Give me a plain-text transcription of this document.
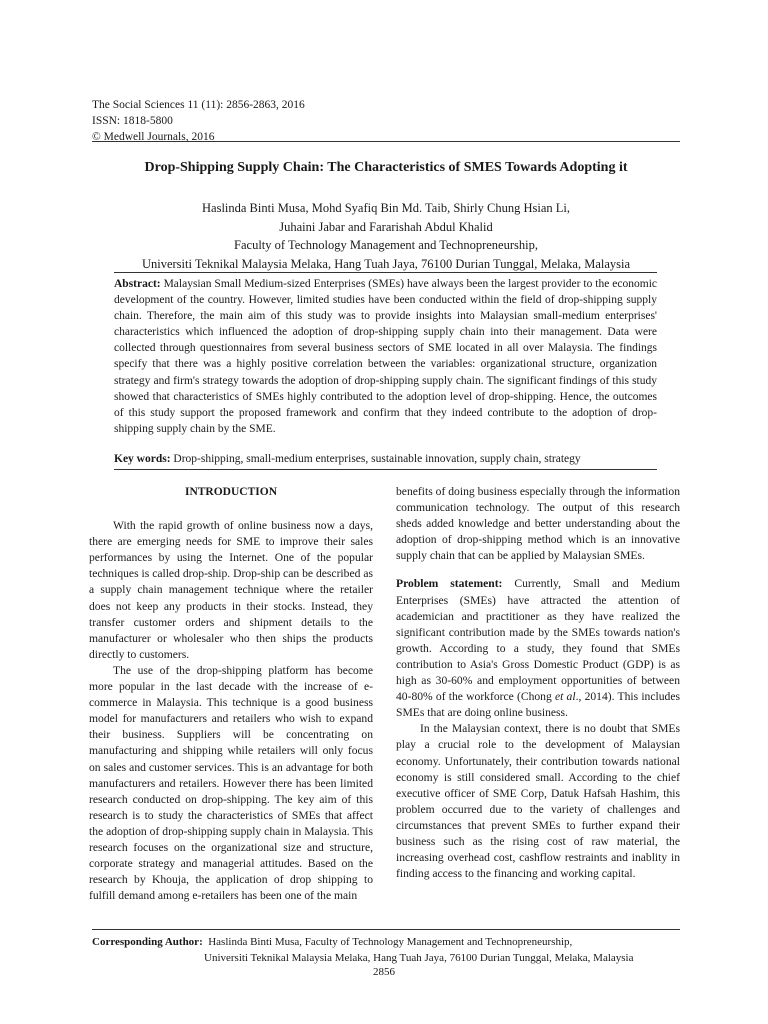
The Social Sciences 11 (11): 2856-2863, 2016
ISSN: 1818-5800
© Medwell Journals, 2016
Drop-Shipping Supply Chain: The Characteristics of SMES Towards Adopting it
Haslinda Binti Musa, Mohd Syafiq Bin Md. Taib, Shirly Chung Hsian Li,
Juhaini Jabar and Fararishah Abdul Khalid
Faculty of Technology Management and Technopreneurship,
Universiti Teknikal Malaysia Melaka, Hang Tuah Jaya, 76100 Durian Tunggal, Melaka, Malaysia
Abstract: Malaysian Small Medium-sized Enterprises (SMEs) have always been the largest provider to the economic development of the country. However, limited studies have been conducted within the field of drop-shipping supply chain. Therefore, the main aim of this study was to provide insights into Malaysian small-medium enterprises' characteristics which influenced the adoption of drop-shipping supply chain into their management. Data were collected through questionnaires from several business sectors of SME located in all over Malaysia. The findings specify that there was a highly positive correlation between the variables: organizational structure, organization strategy and firm's strategy towards the adoption of drop-shipping supply chain. The significant findings of this study showed that characteristics of SMEs highly contributed to the adoption level of drop-shipping. Hence, the outcomes of this study support the proposed framework and confirm that they indeed contribute to the adoption of drop-shipping supply chain by the SME.
Key words: Drop-shipping, small-medium enterprises, sustainable innovation, supply chain, strategy

INTRODUCTION

With the rapid growth of online business now a days, there are emerging needs for SME to improve their sales performances by using the Internet. One of the popular techniques is called drop-ship. Drop-ship can be described as a supply chain management technique where the retailer does not keep any products in their stocks. Instead, they transfer customer orders and shipment details to the manufacturer or wholesaler who then ships the products directly to customers.

The use of the drop-shipping platform has become more popular in the last decade with the increase of e-commerce in Malaysia. This technique is a good business model for manufacturers and retailers who wish to expand their business. Suppliers will be concentrating on manufacturing and shipping while retailers will only focus on sales and customer services. This is an advantage for both manufacturers and retailers. However there has been limited research conducted on drop-shipping. The key aim of this research is to study the characteristics of SMEs that affect the adoption of drop-shipping supply chain in Malaysia. This research focuses on the organizational size and structure, corporate strategy and managerial attitudes. Based on the research by Khouja, the application of drop shipping to fulfill demand among e-retailers has been one of the main

benefits of doing business especially through the information communication technology. The output of this research sheds added knowledge and better understanding about the adoption of drop-shipping method which is an innovative supply chain that can be applied by Malaysian SMEs.

Problem statement: Currently, Small and Medium Enterprises (SMEs) have attracted the attention of academician and practitioner as they have realized the significant contribution made by the SMEs towards nation's growth. According to a study, they found that SMEs contribution to Asia's Gross Domestic Product (GDP) is as high as 30-60% and employment opportunities of between 40-80% of the workforce (Chong et al., 2014). This includes SMEs that are doing online business.

In the Malaysian context, there is no doubt that SMEs play a crucial role to the development of Malaysian economy. Unfortunately, their contribution towards national economy is still considered small. According to the chief executive officer of SME Corp, Datuk Hafsah Hashim, this problem occurred due to the variety of challenges and circumstances that prevent SMEs to further expand their business such as the rising cost of raw material, the increasing overhead cost, cashflow restraints and inablity in finding access to the financing and working capital.

Corresponding Author: Haslinda Binti Musa, Faculty of Technology Management and Technopreneurship,
Universiti Teknikal Malaysia Melaka, Hang Tuah Jaya, 76100 Durian Tunggal, Melaka, Malaysia
2856
